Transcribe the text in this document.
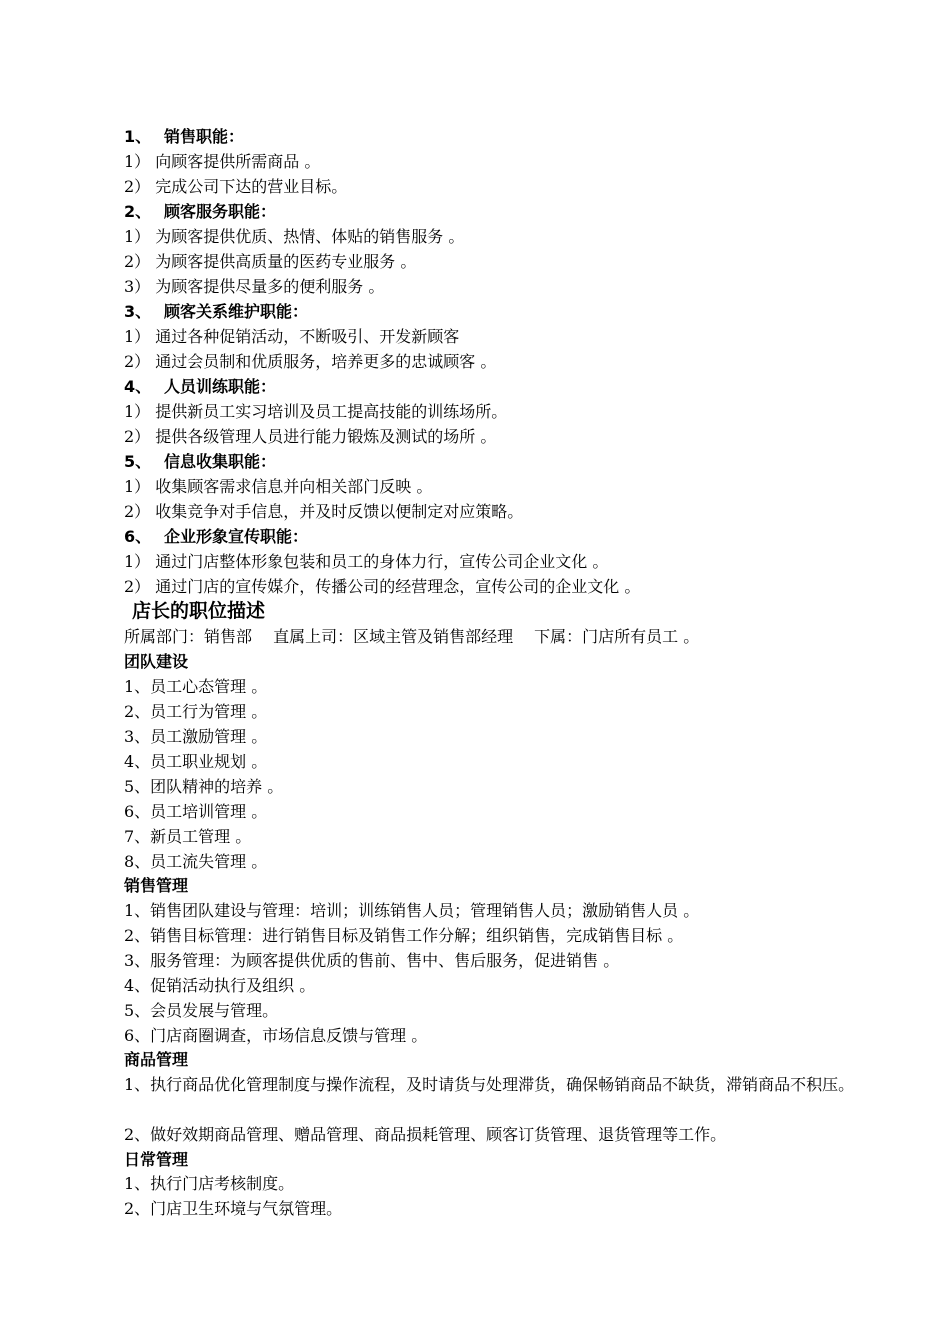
1、 销售职能：
1） 向顾客提供所需商品 。
2） 完成公司下达的营业目标。
2、 顾客服务职能：
1） 为顾客提供优质、热情、体贴的销售服务 。
2） 为顾客提供高质量的医药专业服务 。
3） 为顾客提供尽量多的便利服务 。
3、 顾客关系维护职能：
1） 通过各种促销活动，不断吸引、开发新顾客
2） 通过会员制和优质服务，培养更多的忠诚顾客 。
4、 人员训练职能：
1） 提供新员工实习培训及员工提高技能的训练场所。
2） 提供各级管理人员进行能力锻炼及测试的场所 。
5、 信息收集职能：
1） 收集顾客需求信息并向相关部门反映 。
2） 收集竞争对手信息，并及时反馈以便制定对应策略。
6、 企业形象宣传职能：
1） 通过门店整体形象包装和员工的身体力行，宣传公司企业文化 。
2） 通过门店的宣传媒介，传播公司的经营理念，宣传公司的企业文化 。
店长的职位描述
所属部门：销售部　 直属上司：区域主管及销售部经理　 下属：门店所有员工 。
团队建设
1、员工心态管理 。
2、员工行为管理 。
3、员工激励管理 。
4、员工职业规划 。
5、团队精神的培养 。
6、员工培训管理 。
7、新员工管理 。
8、员工流失管理 。
销售管理
1、销售团队建设与管理：培训；训练销售人员；管理销售人员；激励销售人员 。
2、销售目标管理：进行销售目标及销售工作分解；组织销售，完成销售目标 。
3、服务管理：为顾客提供优质的售前、售中、售后服务，促进销售 。
4、促销活动执行及组织 。
5、会员发展与管理。
6、门店商圈调查，市场信息反馈与管理 。
商品管理
1、执行商品优化管理制度与操作流程，及时请货与处理滞货，确保畅销商品不缺货，滞销商品不积压。
2、做好效期商品管理、赠品管理、商品损耗管理、顾客订货管理、退货管理等工作。
日常管理
1、执行门店考核制度。
2、门店卫生环境与气氛管理。
